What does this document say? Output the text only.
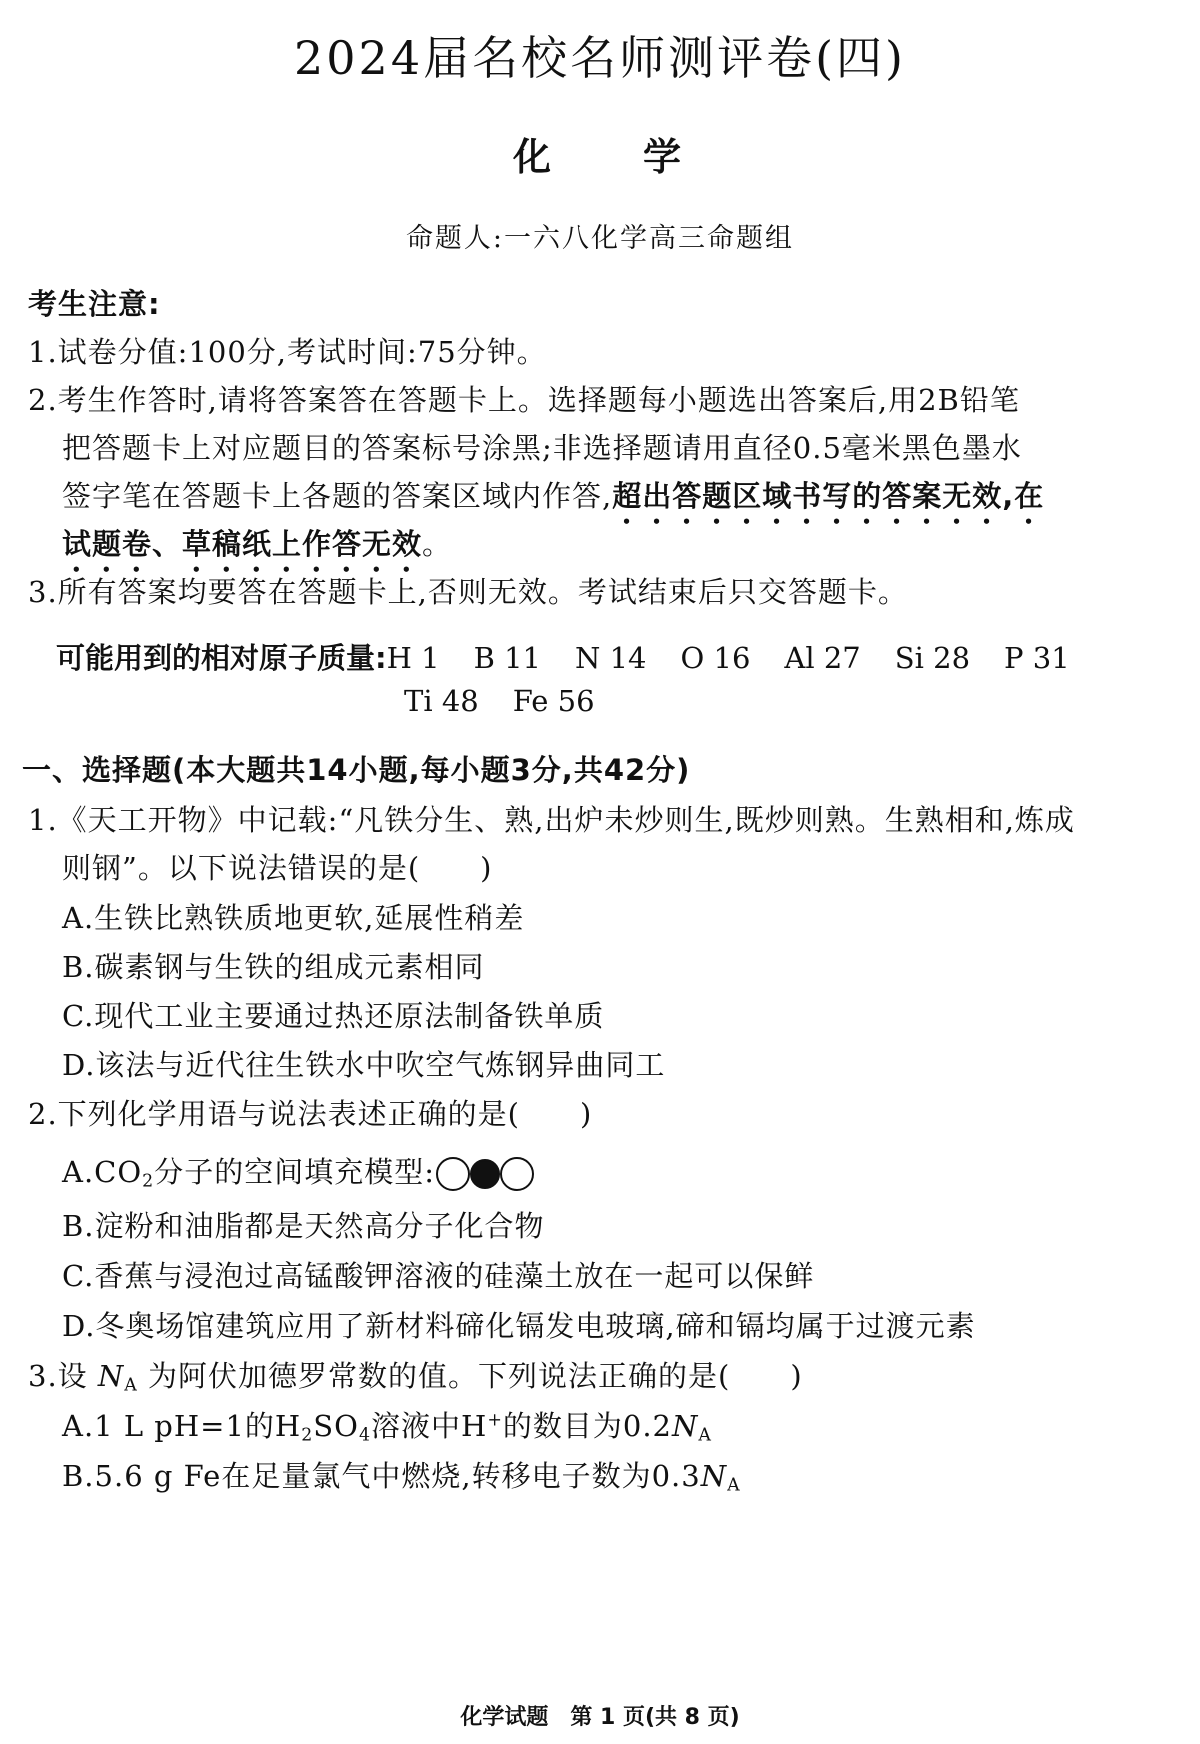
2024届名校名师测评卷(四)
化 学
命题人:一六八化学高三命题组
考生注意:
1.试卷分值:100分,考试时间:75分钟。
2.考生作答时,请将答案答在答题卡上。选择题每小题选出答案后,用2B铅笔
把答题卡上对应题目的答案标号涂黑;非选择题请用直径0.5毫米黑色墨水
签字笔在答题卡上各题的答案区域内作答,超出答题区域书写的答案无效,在
试题卷、草稿纸上作答无效。
3.所有答案均要答在答题卡上,否则无效。考试结束后只交答题卡。
可能用到的相对原子质量:H 1 B 11 N 14 O 16 Al 27 Si 28 P 31
Ti 48 Fe 56
一、选择题(本大题共14小题,每小题3分,共42分)
1.《天工开物》中记载:“凡铁分生、熟,出炉未炒则生,既炒则熟。生熟相和,炼成
则钢”。以下说法错误的是(　　)
A.生铁比熟铁质地更软,延展性稍差
B.碳素钢与生铁的组成元素相同
C.现代工业主要通过热还原法制备铁单质
D.该法与近代往生铁水中吹空气炼钢异曲同工
2.下列化学用语与说法表述正确的是(　　)
$A.CO_2$分子的空间填充模型:
B.淀粉和油脂都是天然高分子化合物
C.香蕉与浸泡过高锰酸钾溶液的硅藻土放在一起可以保鲜
D.冬奥场馆建筑应用了新材料碲化镉发电玻璃,碲和镉均属于过渡元素
3.设 $N_A$ 为阿伏加德罗常数的值。下列说法正确的是(　　)
A.1 L pH=1的$H_2SO_4$溶液中H+的数目为$0.2N_A$
B.5.6 g Fe在足量氯气中燃烧,转移电子数为$0.3N_A$
化学试题　第 1 页(共 8 页)
